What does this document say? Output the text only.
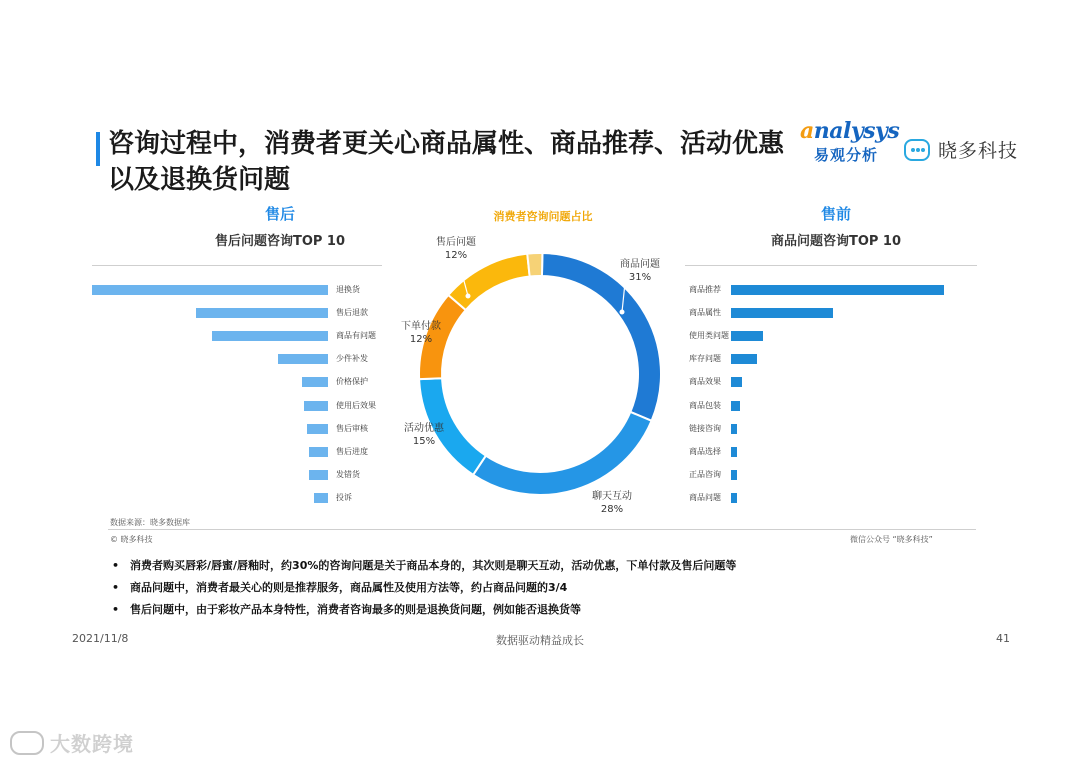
咨询过程中，消费者更关心商品属性、商品推荐、活动优惠以及退换货问题
analysys
易观分析	晓多科技
售后
售后问题咨询TOP 10
售前
商品问题咨询TOP 10
退换货
售后退款
商品有问题
少件补发
价格保护
使用后效果
售后审核
售后进度
发错货
投诉
商品推荐
商品属性
使用类问题
库存问题
商品效果
商品包装
链接咨询
商品选择
正品咨询
商品问题
消费者咨询问题占比
商品问题
31%
聊天互动
28%
活动优惠
15%
下单付款
12%
售后问题
12%
数据来源：晓多数据库
© 晓多科技	微信公众号 “晓多科技”
• 消费者购买唇彩/唇蜜/唇釉时，约30%的咨询问题是关于商品本身的，其次则是聊天互动，活动优惠，下单付款及售后问题等
• 商品问题中，消费者最关心的则是推荐服务，商品属性及使用方法等，约占商品问题的3/4
• 售后问题中，由于彩妆产品本身特性，消费者咨询最多的则是退换货问题，例如能否退换货等
2021/11/8	数据驱动精益成长	41
大数跨境
